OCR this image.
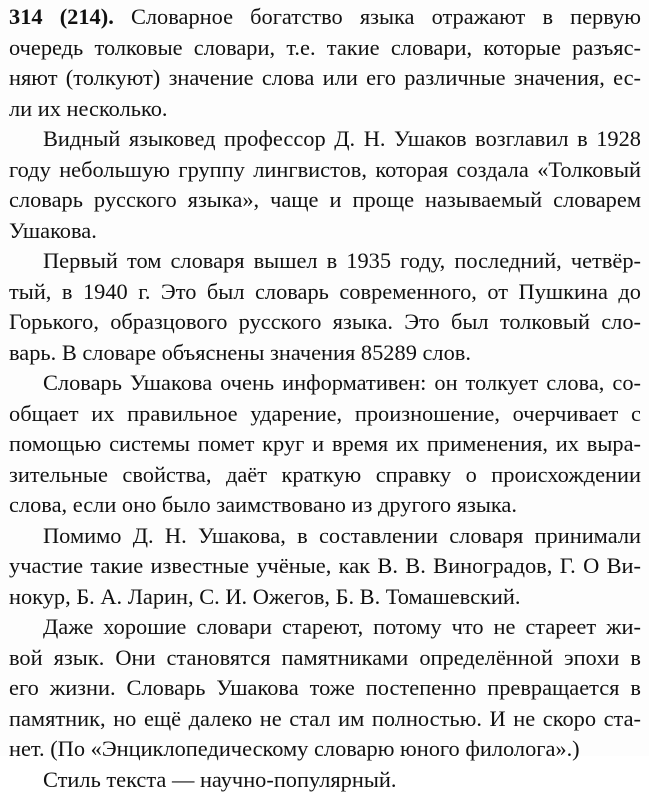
314 (214). Словарное богатство языка отражают в первую
очередь толковые словари, т.е. такие словари, которые разъяс-
няют (толкуют) значение слова или его различные значения, ес-
ли их несколько.
Видный языковед профессор Д. Н. Ушаков возглавил в 1928
году небольшую группу лингвистов, которая создала «Толковый
словарь русского языка», чаще и проще называемый словарем
Ушакова.
Первый том словаря вышел в 1935 году, последний, четвёр-
тый, в 1940 г. Это был словарь современного, от Пушкина до
Горького, образцового русского языка. Это был толковый сло-
варь. В словаре объяснены значения 85289 слов.
Словарь Ушакова очень информативен: он толкует слова, со-
общает их правильное ударение, произношение, очерчивает с
помощью системы помет круг и время их применения, их выра-
зительные свойства, даёт краткую справку о происхождении
слова, если оно было заимствовано из другого языка.
Помимо Д. Н. Ушакова, в составлении словаря принимали
участие такие известные учёные, как В. В. Виноградов, Г. О Ви-
нокур, Б. А. Ларин, С. И. Ожегов, Б. В. Томашевский.
Даже хорошие словари стареют, потому что не стареет жи-
вой язык. Они становятся памятниками определённой эпохи в
его жизни. Словарь Ушакова тоже постепенно превращается в
памятник, но ещё далеко не стал им полностью. И не скоро ста-
нет. (По «Энциклопедическому словарю юного филолога».)
Стиль текста — научно-популярный.
